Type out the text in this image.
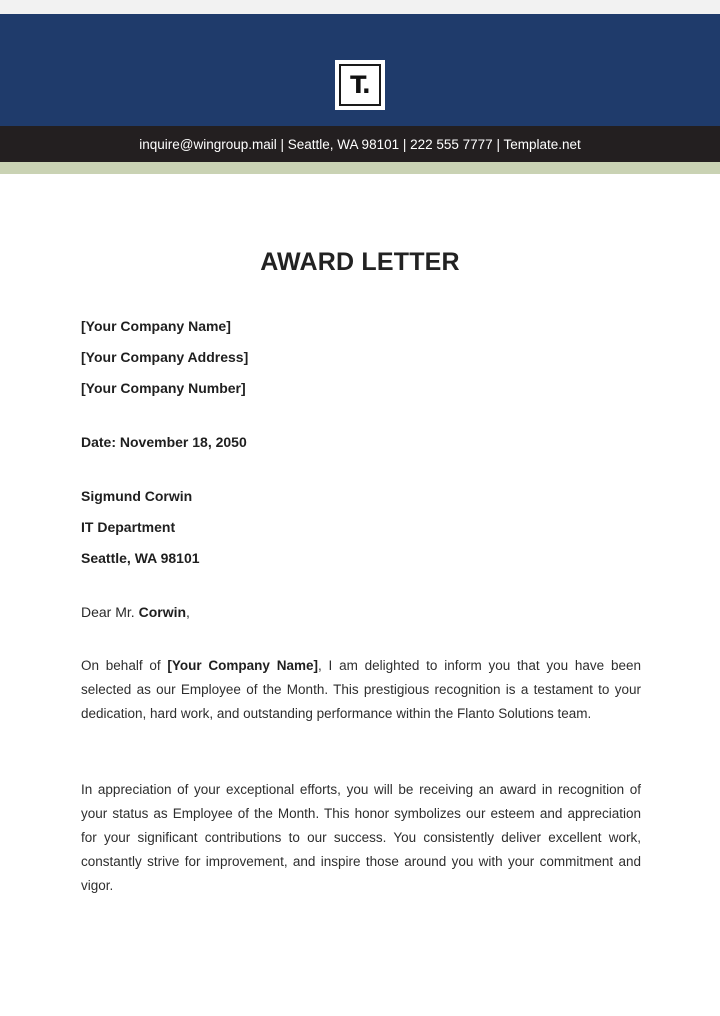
T.
inquire@wingroup.mail | Seattle, WA 98101 | 222 555 7777 | Template.net
AWARD LETTER
[Your Company Name]
[Your Company Address]
[Your Company Number]
Date: November 18, 2050
Sigmund Corwin
IT Department
Seattle, WA 98101
Dear Mr. Corwin,

On behalf of [Your Company Name], I am delighted to inform you that you have been selected as our Employee of the Month. This prestigious recognition is a testament to your dedication, hard work, and outstanding performance within the Flanto Solutions team.

In appreciation of your exceptional efforts, you will be receiving an award in recognition of your status as Employee of the Month. This honor symbolizes our esteem and appreciation for your significant contributions to our success. You consistently deliver excellent work, constantly strive for improvement, and inspire those around you with your commitment and vigor.
